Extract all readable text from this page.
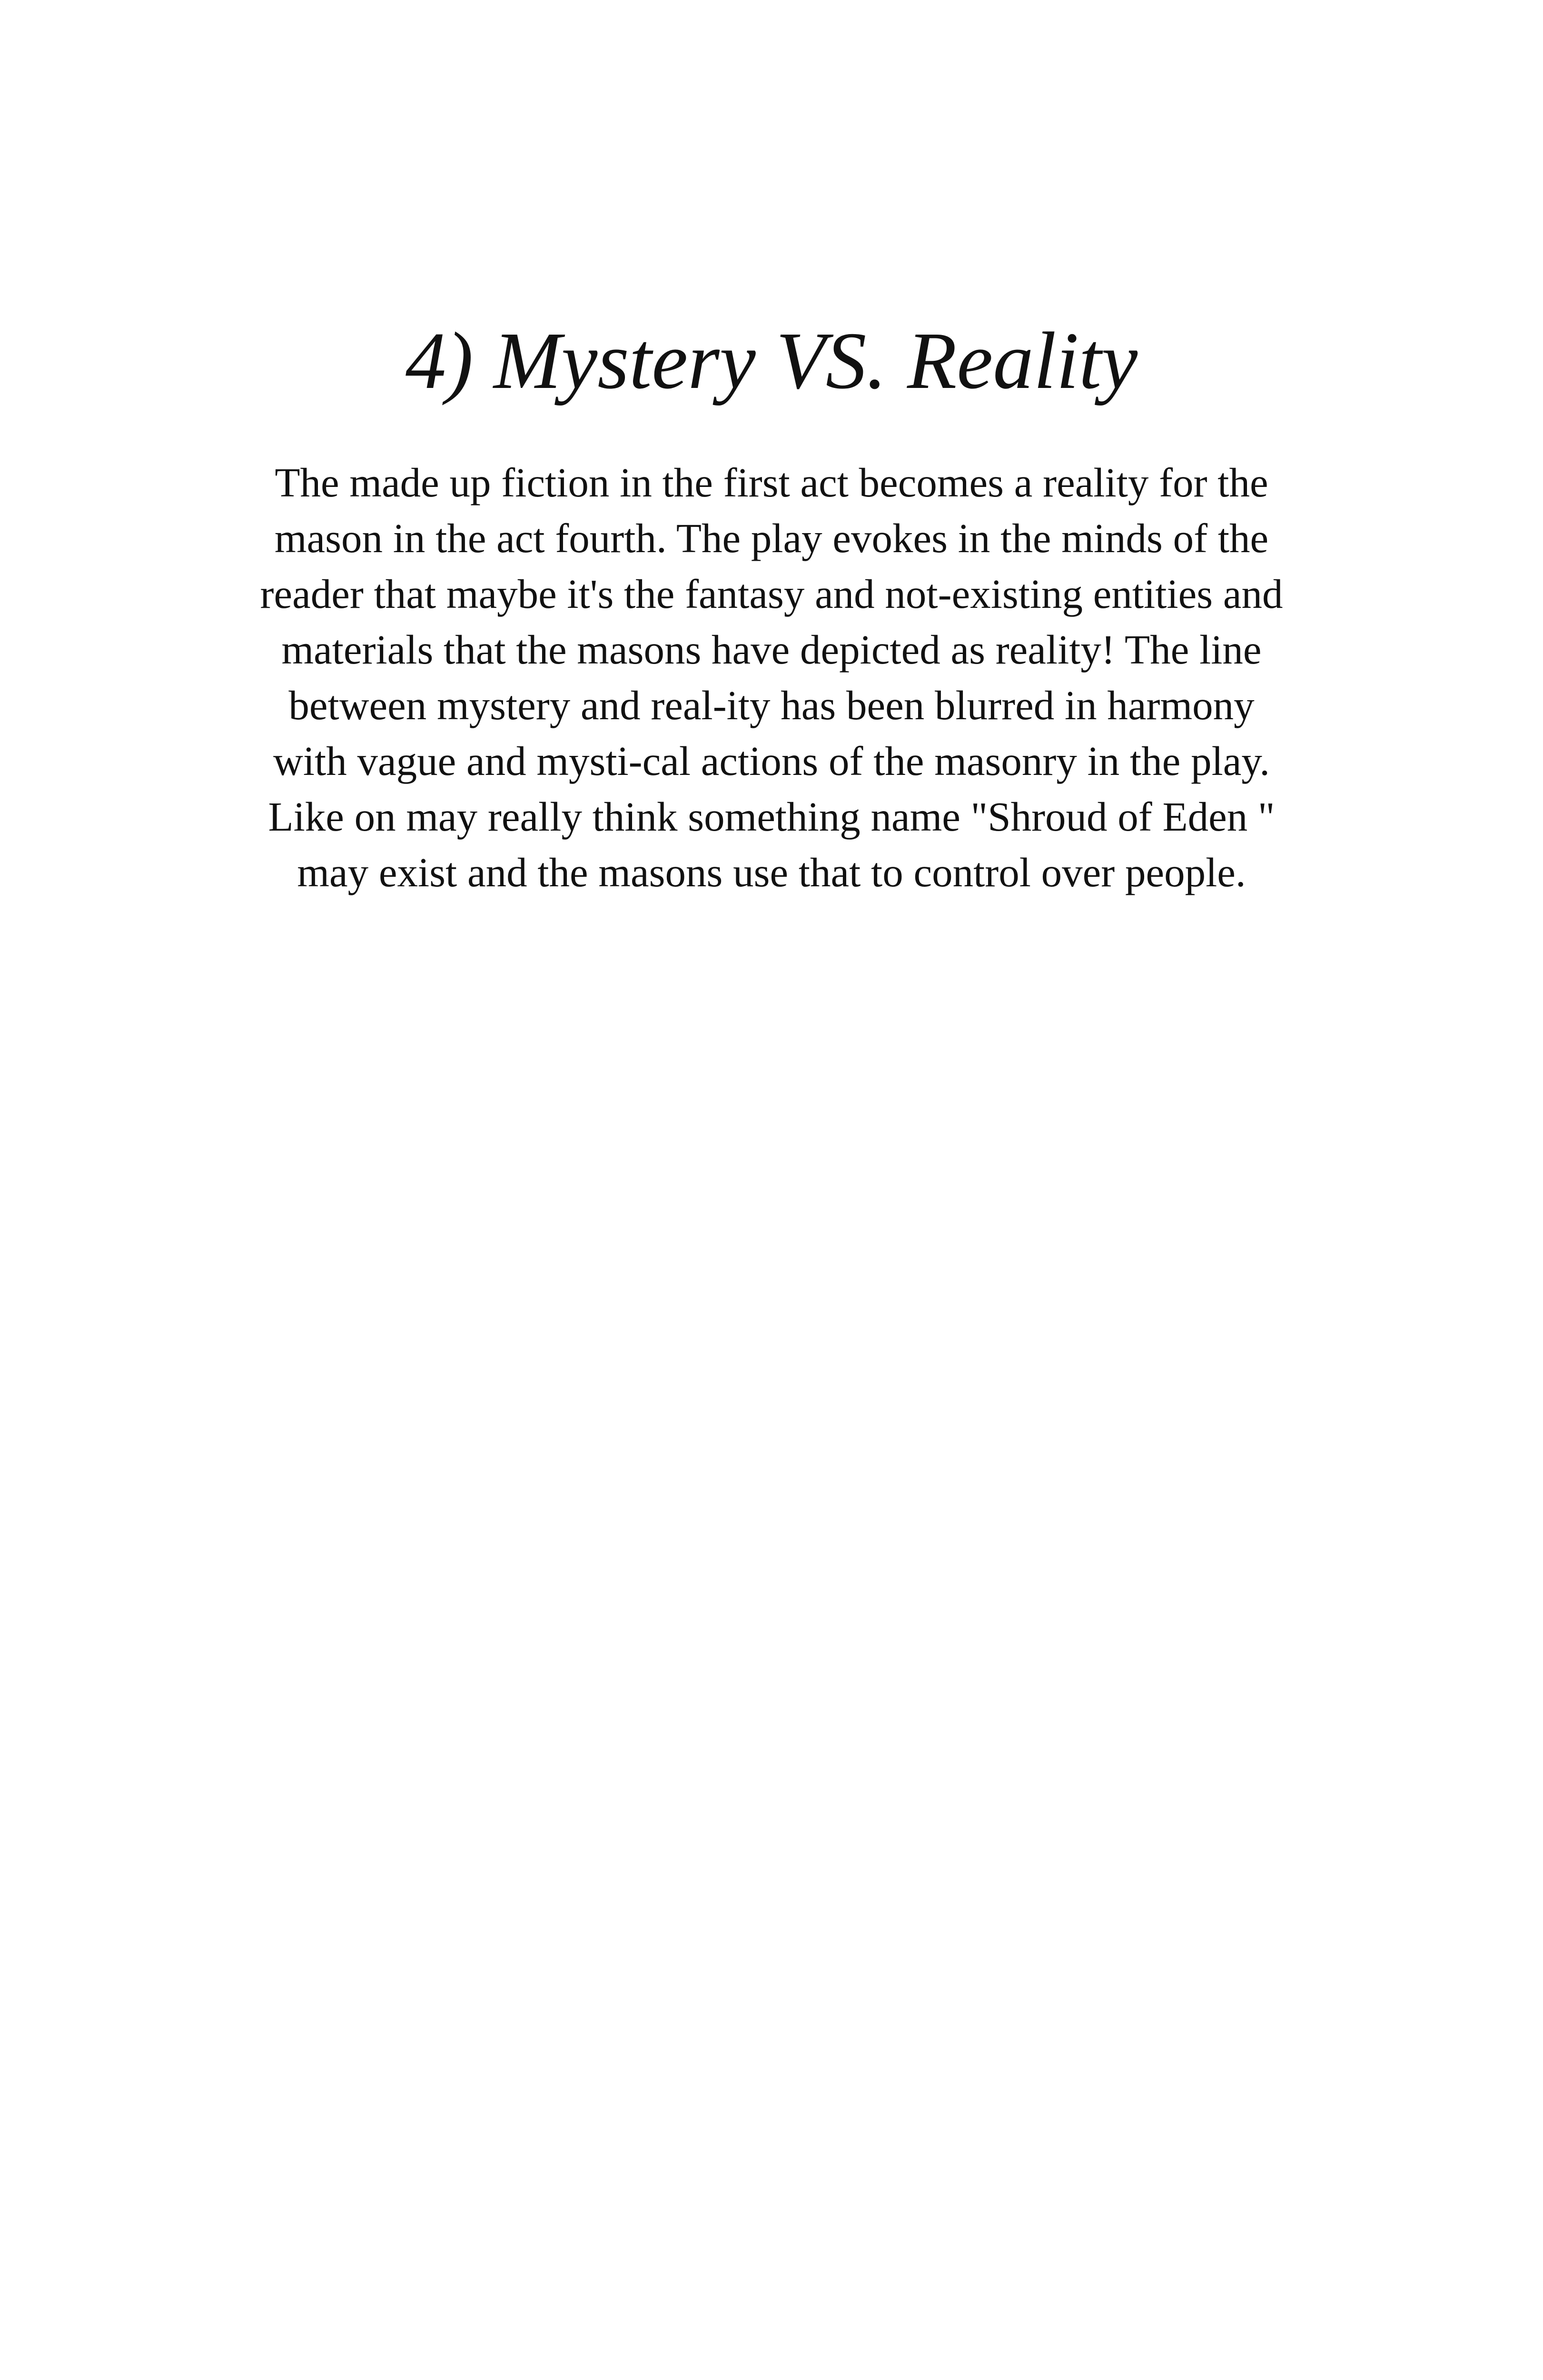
4) Mystery VS. Reality

The made up fiction in the first act becomes a reality for the
mason in the act fourth. The play evokes in the minds of the
reader that maybe it's the fantasy and not-existing entities and
materials that the masons have depicted as reality! The line
between mystery and real-ity has been blurred in harmony
with vague and mysti-cal actions of the masonry in the play.
Like on may really think something name "Shroud of Eden "
may exist and the masons use that to control over people.
